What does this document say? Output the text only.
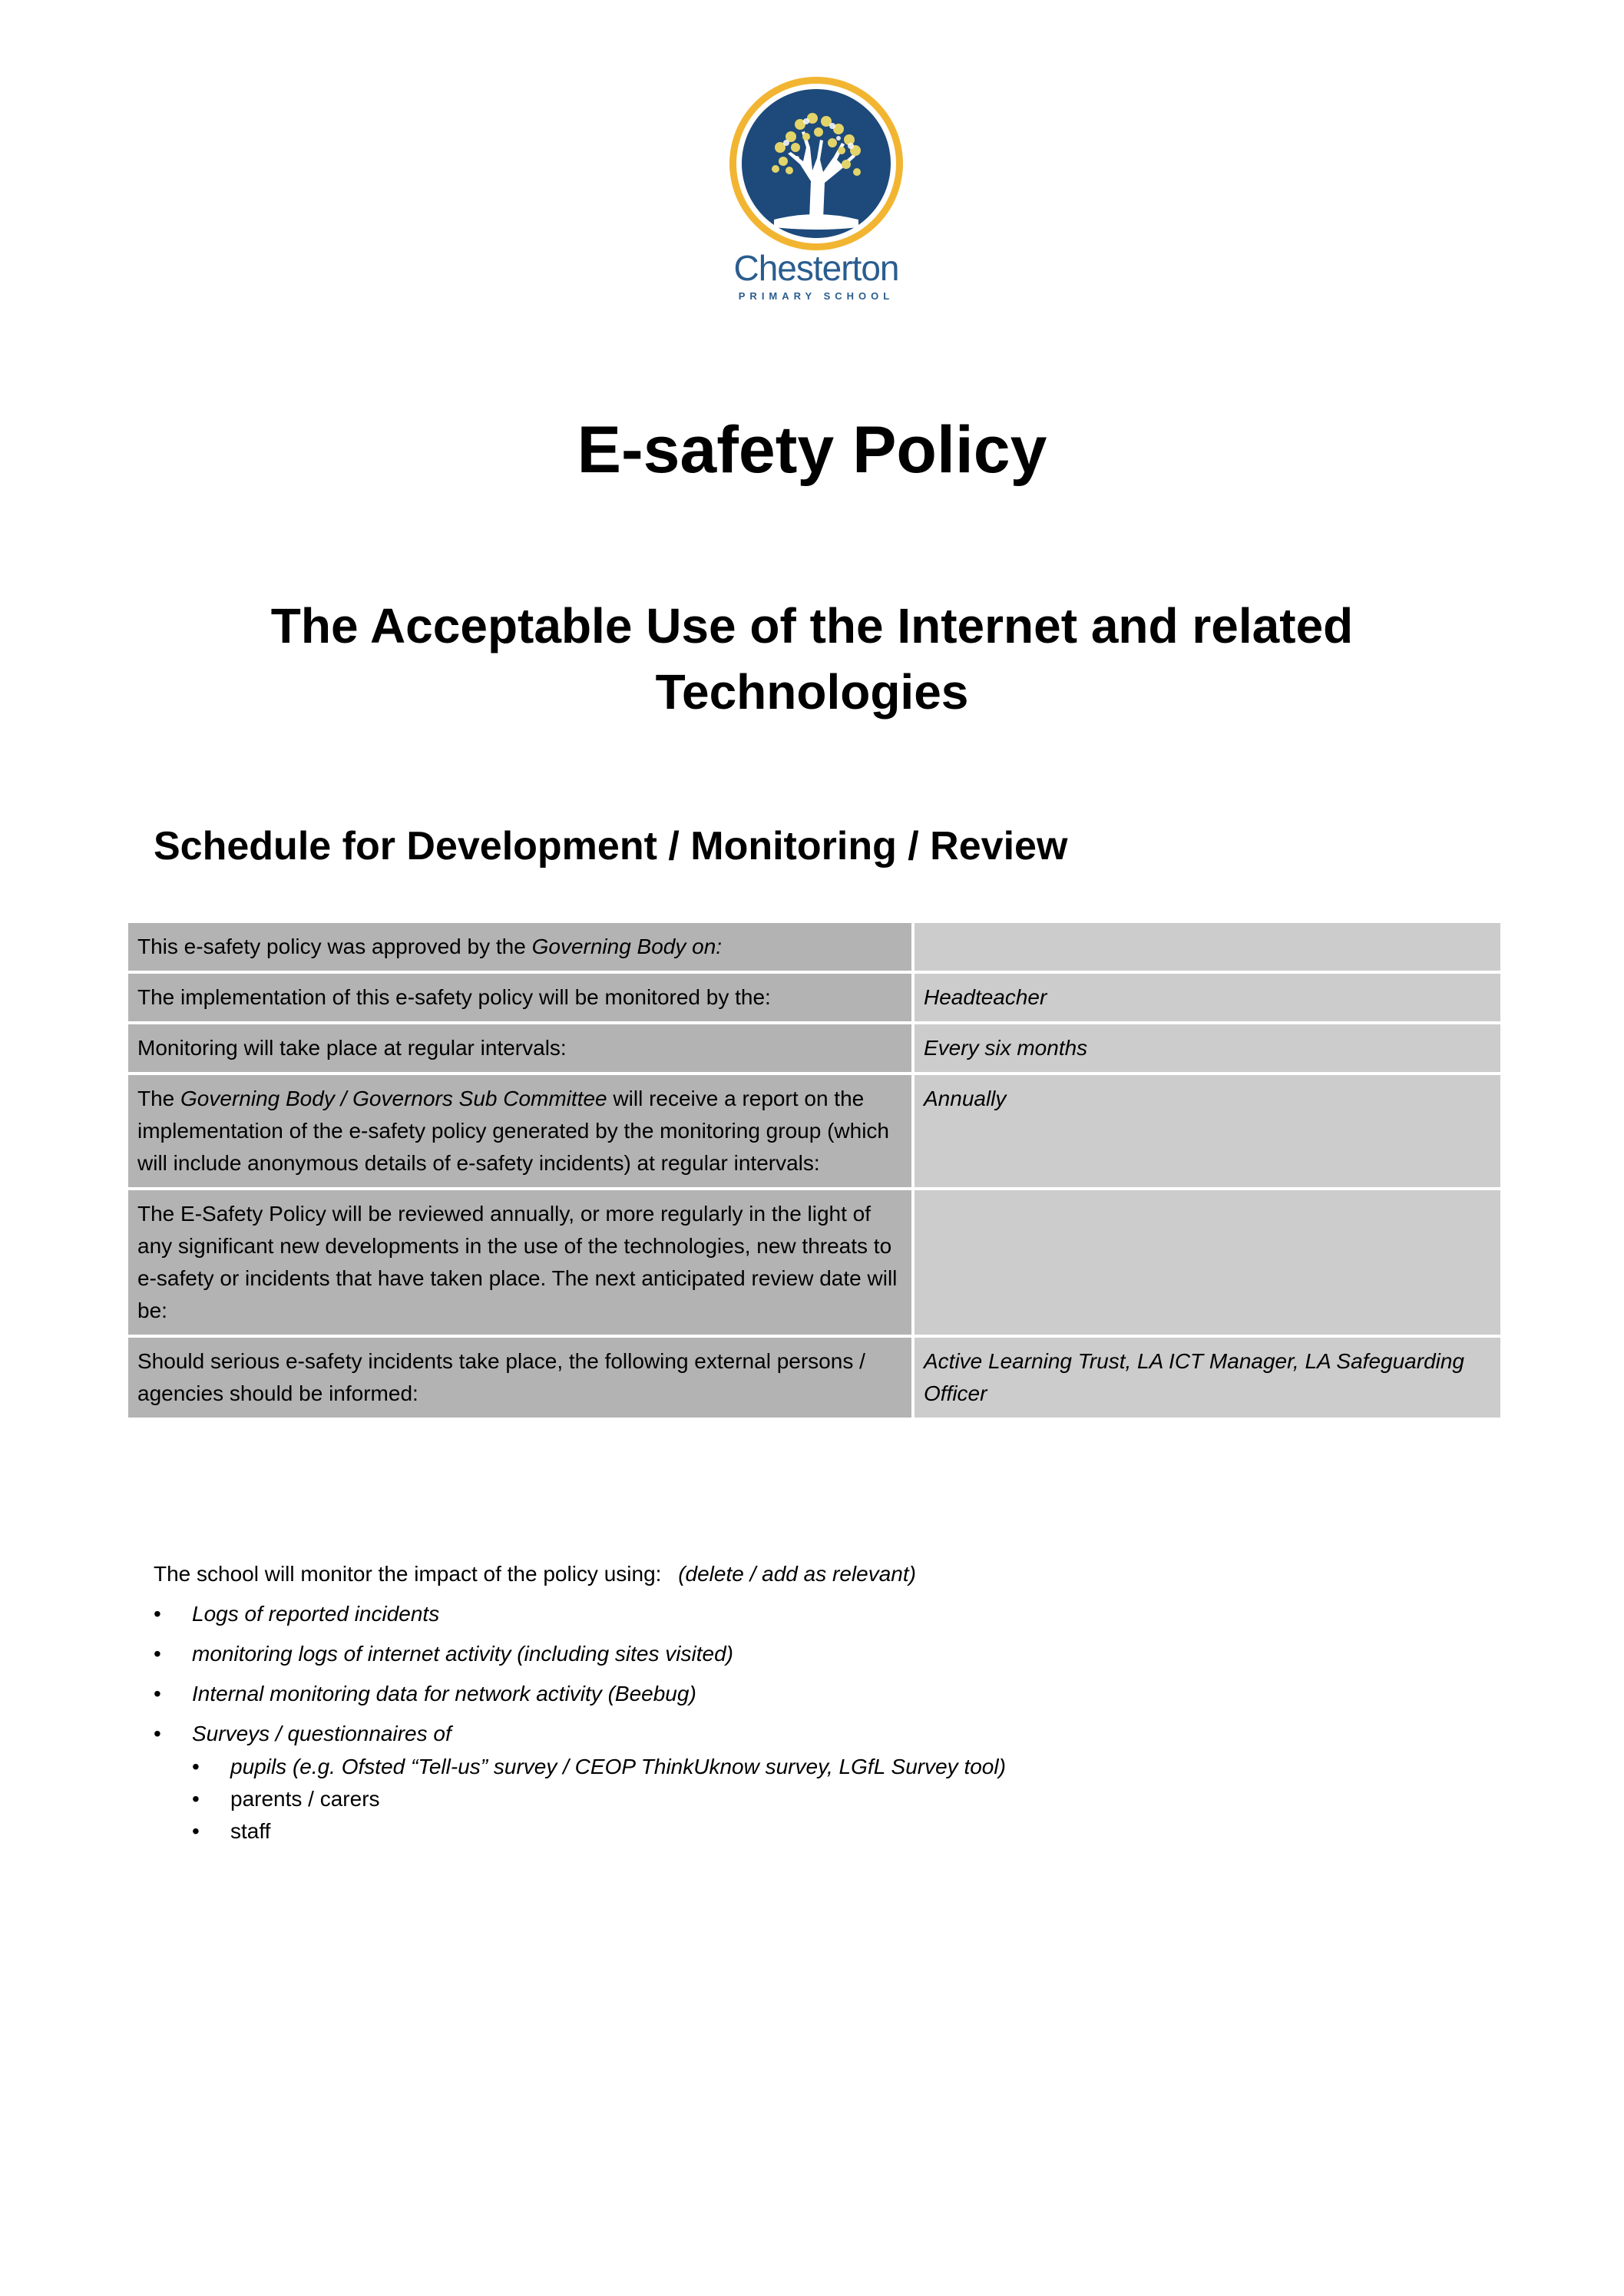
Chesterton
PRIMARY SCHOOL
E-safety Policy
The Acceptable Use of the Internet and related Technologies
Schedule for Development / Monitoring / Review
This e-safety policy was approved by the Governing Body on:	
The implementation of this e-safety policy will be monitored by the:	Headteacher
Monitoring will take place at regular intervals:	Every six months
The Governing Body / Governors Sub Committee will receive a report on the implementation of the e-safety policy generated by the monitoring group (which will include anonymous details of e-safety incidents) at regular intervals:	Annually
The E-Safety Policy will be reviewed annually, or more regularly in the light of any significant new developments in the use of the technologies, new threats to e-safety or incidents that have taken place. The next anticipated review date will be:	
Should serious e-safety incidents take place, the following external persons / agencies should be informed:	Active Learning Trust, LA ICT Manager, LA Safeguarding Officer
The school will monitor the impact of the policy using: (delete / add as relevant)
• Logs of reported incidents
• monitoring logs of internet activity (including sites visited)
• Internal monitoring data for network activity (Beebug)
• Surveys / questionnaires of
• pupils (e.g. Ofsted “Tell-us” survey / CEOP ThinkUknow survey, LGfL Survey tool)
• parents / carers
• staff
